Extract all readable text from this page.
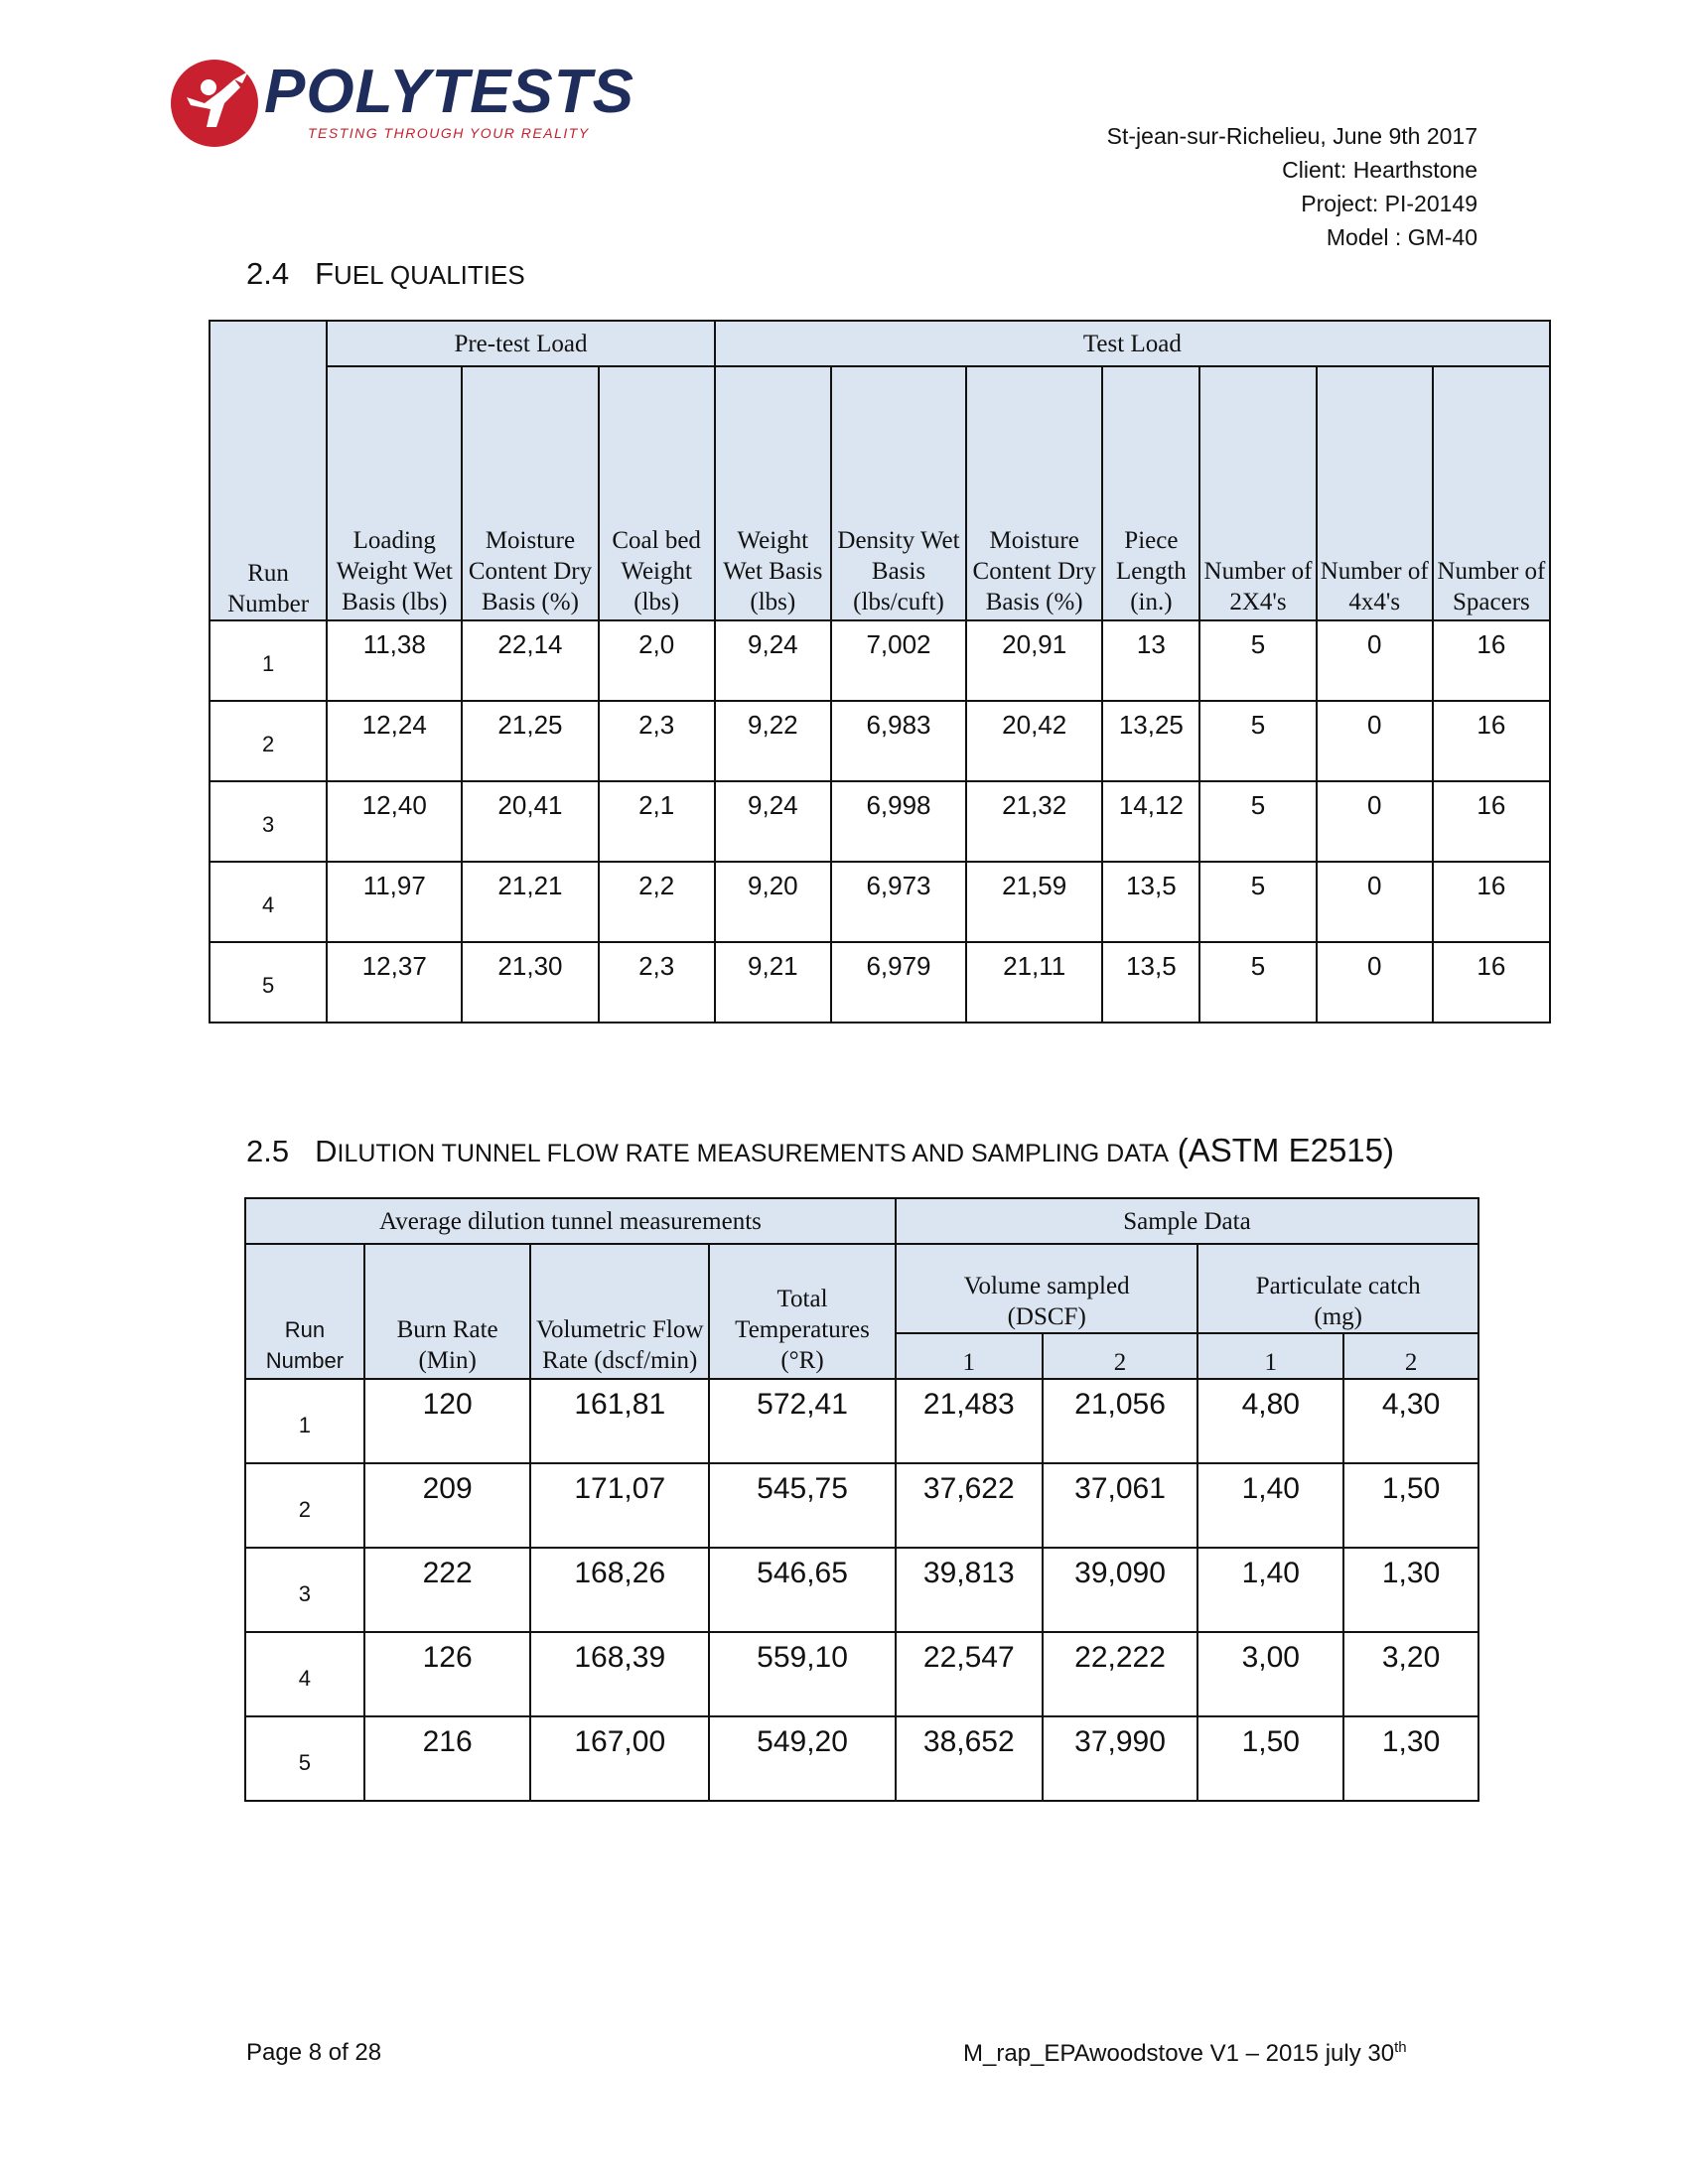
POLYTESTS
TESTING THROUGH YOUR REALITY	St-jean-sur-Richelieu, June 9th 2017
Client: Hearthstone
Project: PI-20149
Model : GM-40
2.4 FUEL QUALITIES
Run Number	Pre-test Load			Test Load						
	Loading Weight Wet Basis (lbs)	Moisture Content Dry Basis (%)	Coal bed Weight (lbs)	Weight Wet Basis (lbs)	Density Wet Basis (lbs/cuft)	Moisture Content Dry Basis (%)	Piece Length (in.)	Number of 2X4's	Number of 4x4's	Number of Spacers
1	11,38	22,14	2,0	9,24	7,002	20,91	13	5	0	16
2	12,24	21,25	2,3	9,22	6,983	20,42	13,25	5	0	16
3	12,40	20,41	2,1	9,24	6,998	21,32	14,12	5	0	16
4	11,97	21,21	2,2	9,20	6,973	21,59	13,5	5	0	16
5	12,37	21,30	2,3	9,21	6,979	21,11	13,5	5	0	16
2.5 DILUTION TUNNEL FLOW RATE MEASUREMENTS AND SAMPLING DATA (ASTM E2515)
Average dilution tunnel measurements				Sample Data			
Run Number	Burn Rate (Min)	Volumetric Flow Rate (dscf/min)	Total Temperatures (°R)	Volume sampled (DSCF)		Particulate catch (mg)	
				1	2	1	2
1	120	161,81	572,41	21,483	21,056	4,80	4,30
2	209	171,07	545,75	37,622	37,061	1,40	1,50
3	222	168,26	546,65	39,813	39,090	1,40	1,30
4	126	168,39	559,10	22,547	22,222	3,00	3,20
5	216	167,00	549,20	38,652	37,990	1,50	1,30
Page 8 of 28	M_rap_EPAwoodstove V1 – 2015 july 30th
